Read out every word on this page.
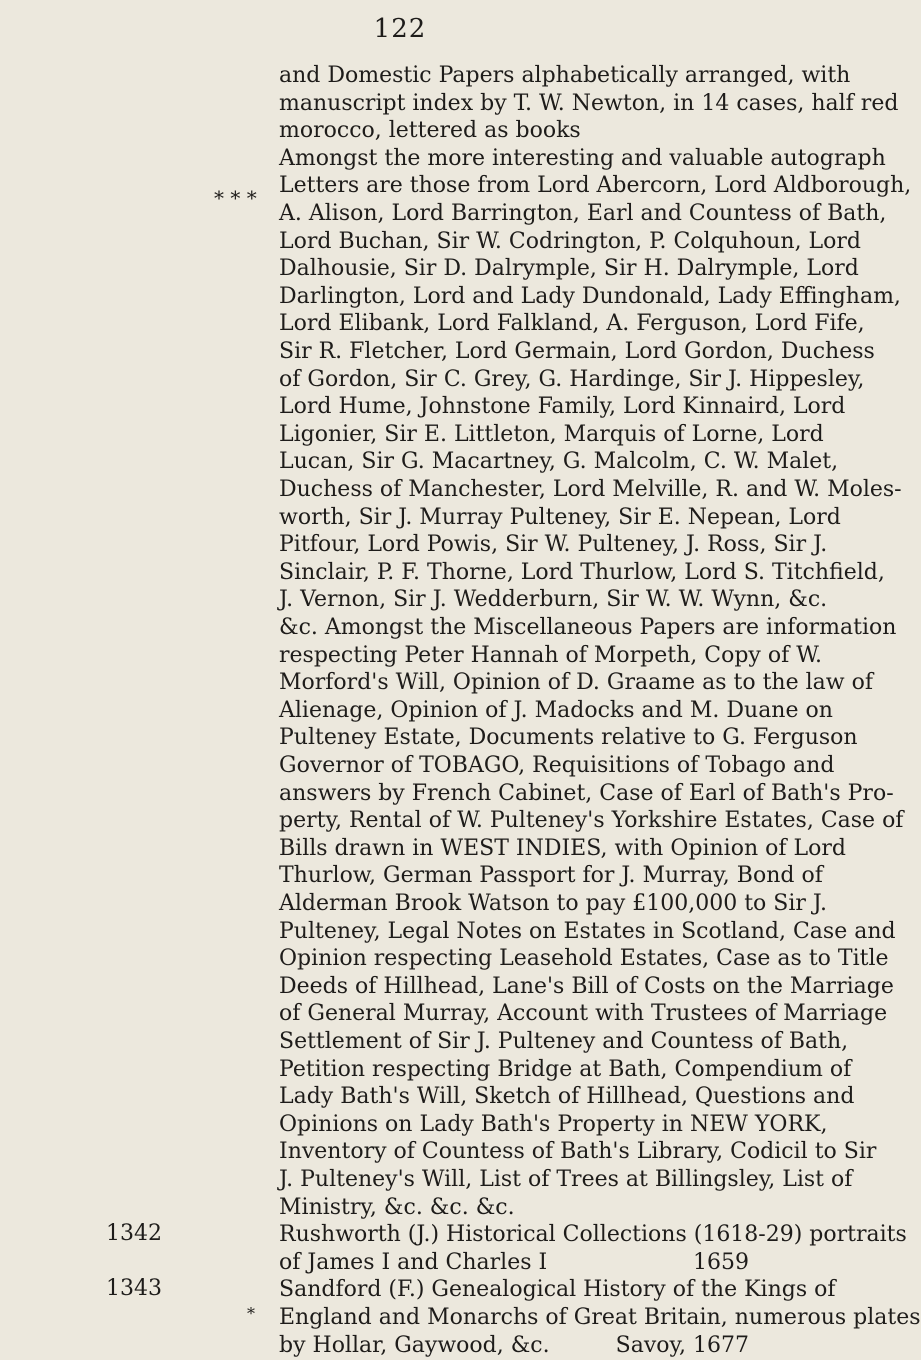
122
and Domestic Papers alphabetically arranged, with
manuscript index by T. W. Newton, in 14 cases, half red
morocco, lettered as books
Amongst the more interesting and valuable autograph
Letters are those from Lord Abercorn, Lord Aldborough,
A. Alison, Lord Barrington, Earl and Countess of Bath,
Lord Buchan, Sir W. Codrington, P. Colquhoun, Lord
Dalhousie, Sir D. Dalrymple, Sir H. Dalrymple, Lord
Darlington, Lord and Lady Dundonald, Lady Effingham,
Lord Elibank, Lord Falkland, A. Ferguson, Lord Fife,
Sir R. Fletcher, Lord Germain, Lord Gordon, Duchess
of Gordon, Sir C. Grey, G. Hardinge, Sir J. Hippesley,
Lord Hume, Johnstone Family, Lord Kinnaird, Lord
Ligonier, Sir E. Littleton, Marquis of Lorne, Lord
Lucan, Sir G. Macartney, G. Malcolm, C. W. Malet,
Duchess of Manchester, Lord Melville, R. and W. Moles-
worth, Sir J. Murray Pulteney, Sir E. Nepean, Lord
Pitfour, Lord Powis, Sir W. Pulteney, J. Ross, Sir J.
Sinclair, P. F. Thorne, Lord Thurlow, Lord S. Titchfield,
J. Vernon, Sir J. Wedderburn, Sir W. W. Wynn, &c.
&c. Amongst the Miscellaneous Papers are information
respecting Peter Hannah of Morpeth, Copy of W.
Morford's Will, Opinion of D. Graame as to the law of
Alienage, Opinion of J. Madocks and M. Duane on
Pulteney Estate, Documents relative to G. Ferguson
Governor of TOBAGO, Requisitions of Tobago and
answers by French Cabinet, Case of Earl of Bath's Pro-
perty, Rental of W. Pulteney's Yorkshire Estates, Case of
Bills drawn in WEST INDIES, with Opinion of Lord
Thurlow, German Passport for J. Murray, Bond of
Alderman Brook Watson to pay £100,000 to Sir J.
Pulteney, Legal Notes on Estates in Scotland, Case and
Opinion respecting Leasehold Estates, Case as to Title
Deeds of Hillhead, Lane's Bill of Costs on the Marriage
of General Murray, Account with Trustees of Marriage
Settlement of Sir J. Pulteney and Countess of Bath,
Petition respecting Bridge at Bath, Compendium of
Lady Bath's Will, Sketch of Hillhead, Questions and
Opinions on Lady Bath's Property in NEW YORK,
Inventory of Countess of Bath's Library, Codicil to Sir
J. Pulteney's Will, List of Trees at Billingsley, List of
Ministry, &c. &c. &c.
1342	Rushworth (J.) Historical Collections (1618-29) portraits
of James I and Charles I	1659
1343	Sandford (F.) Genealogical History of the Kings of
* England and Monarchs of Great Britain, numerous plates
by Hollar, Gaywood, &c.	Savoy, 1677
* * *
